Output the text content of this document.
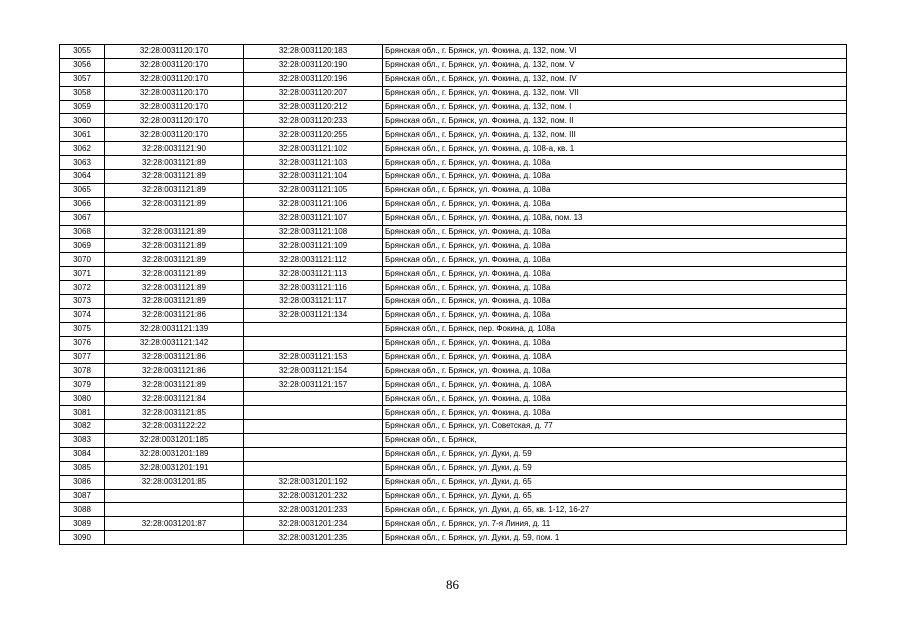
3055	32:28:0031120:170	32:28:0031120:183	Брянская обл., г. Брянск, ул. Фокина, д. 132, пом. VI
3056	32:28:0031120:170	32:28:0031120:190	Брянская обл., г. Брянск, ул. Фокина, д. 132, пом. V
3057	32:28:0031120:170	32:28:0031120:196	Брянская обл., г. Брянск, ул. Фокина, д. 132, пом. IV
3058	32:28:0031120:170	32:28:0031120:207	Брянская обл., г. Брянск, ул. Фокина, д. 132, пом. VII
3059	32:28:0031120:170	32:28:0031120:212	Брянская обл., г. Брянск, ул. Фокина, д. 132, пом. I
3060	32:28:0031120:170	32:28:0031120:233	Брянская обл., г. Брянск, ул. Фокина, д. 132, пом. II
3061	32:28:0031120:170	32:28:0031120:255	Брянская обл., г. Брянск, ул. Фокина, д. 132, пом. III
3062	32:28:0031121:90	32:28:0031121:102	Брянская обл., г. Брянск, ул. Фокина, д. 108-а, кв. 1
3063	32:28:0031121:89	32:28:0031121:103	Брянская обл., г. Брянск, ул. Фокина, д. 108а
3064	32:28:0031121:89	32:28:0031121:104	Брянская обл., г. Брянск, ул. Фокина, д. 108а
3065	32:28:0031121:89	32:28:0031121:105	Брянская обл., г. Брянск, ул. Фокина, д. 108а
3066	32:28:0031121:89	32:28:0031121:106	Брянская обл., г. Брянск, ул. Фокина, д. 108а
3067		32:28:0031121:107	Брянская обл., г. Брянск, ул. Фокина, д. 108а, пом. 13
3068	32:28:0031121:89	32:28:0031121:108	Брянская обл., г. Брянск, ул. Фокина, д. 108а
3069	32:28:0031121:89	32:28:0031121:109	Брянская обл., г. Брянск, ул. Фокина, д. 108а
3070	32:28:0031121:89	32:28:0031121:112	Брянская обл., г. Брянск, ул. Фокина, д. 108а
3071	32:28:0031121:89	32:28:0031121:113	Брянская обл., г. Брянск, ул. Фокина, д. 108а
3072	32:28:0031121:89	32:28:0031121:116	Брянская обл., г. Брянск, ул. Фокина, д. 108а
3073	32:28:0031121:89	32:28:0031121:117	Брянская обл., г. Брянск, ул. Фокина, д. 108а
3074	32:28:0031121:86	32:28:0031121:134	Брянская обл., г. Брянск, ул. Фокина, д. 108а
3075	32:28:0031121:139		Брянская обл., г. Брянск, пер. Фокина, д. 108а
3076	32:28:0031121:142		Брянская обл., г. Брянск, ул. Фокина, д. 108а
3077	32:28:0031121:86	32:28:0031121:153	Брянская обл., г. Брянск, ул. Фокина, д. 108А
3078	32:28:0031121:86	32:28:0031121:154	Брянская обл., г. Брянск, ул. Фокина, д. 108а
3079	32:28:0031121:89	32:28:0031121:157	Брянская обл., г. Брянск, ул. Фокина, д. 108А
3080	32:28:0031121:84		Брянская обл., г. Брянск, ул. Фокина, д. 108а
3081	32:28:0031121:85		Брянская обл., г. Брянск, ул. Фокина, д. 108а
3082	32:28:0031122:22		Брянская обл., г. Брянск, ул. Советская, д. 77
3083	32:28:0031201:185		Брянская обл., г. Брянск,
3084	32:28:0031201:189		Брянская обл., г. Брянск, ул. Дуки, д. 59
3085	32:28:0031201:191		Брянская обл., г. Брянск, ул. Дуки, д. 59
3086	32:28:0031201:85	32:28:0031201:192	Брянская обл., г. Брянск, ул. Дуки, д. 65
3087		32:28:0031201:232	Брянская обл., г. Брянск, ул. Дуки, д. 65
3088		32:28:0031201:233	Брянская обл., г. Брянск, ул. Дуки, д. 65, кв. 1-12, 16-27
3089	32:28:0031201:87	32:28:0031201:234	Брянская обл., г. Брянск, ул. 7-я Линия, д. 11
3090		32:28:0031201:235	Брянская обл., г. Брянск, ул. Дуки, д. 59, пом. 1
86
